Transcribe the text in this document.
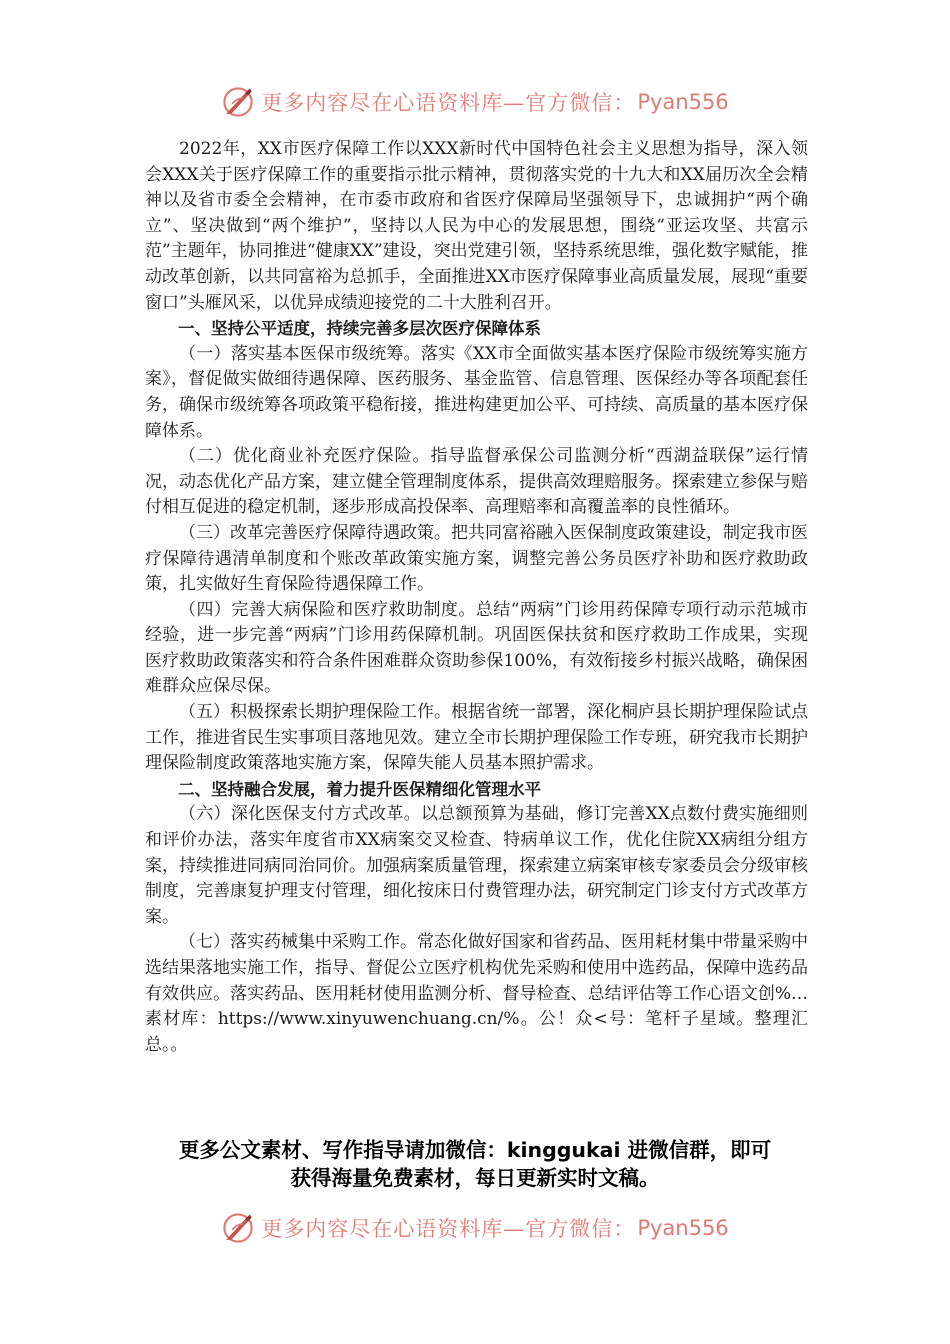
更多内容尽在心语资料库—官方微信： Pyan556

2022年，XX市医疗保障工作以XXX新时代中国特色社会主义思想为指导，深入领会XXX关于医疗保障工作的重要指示批示精神，贯彻落实党的十九大和XX届历次全会精神以及省市委全会精神，在市委市政府和省医疗保障局坚强领导下，忠诚拥护“两个确立”、坚决做到“两个维护”，坚持以人民为中心的发展思想，围绕“亚运攻坚、共富示范”主题年，协同推进“健康XX”建设，突出党建引领，坚持系统思维，强化数字赋能，推动改革创新，以共同富裕为总抓手，全面推进XX市医疗保障事业高质量发展，展现“重要窗口”头雁风采，以优异成绩迎接党的二十大胜利召开。

一、坚持公平适度，持续完善多层次医疗保障体系

（一）落实基本医保市级统筹。落实《XX市全面做实基本医疗保险市级统筹实施方案》，督促做实做细待遇保障、医药服务、基金监管、信息管理、医保经办等各项配套任务，确保市级统筹各项政策平稳衔接，推进构建更加公平、可持续、高质量的基本医疗保障体系。

（二）优化商业补充医疗保险。指导监督承保公司监测分析“西湖益联保”运行情况，动态优化产品方案，建立健全管理制度体系，提供高效理赔服务。探索建立参保与赔付相互促进的稳定机制，逐步形成高投保率、高理赔率和高覆盖率的良性循环。

（三）改革完善医疗保障待遇政策。把共同富裕融入医保制度政策建设，制定我市医疗保障待遇清单制度和个账改革政策实施方案，调整完善公务员医疗补助和医疗救助政策，扎实做好生育保险待遇保障工作。

（四）完善大病保险和医疗救助制度。总结“两病”门诊用药保障专项行动示范城市经验，进一步完善“两病”门诊用药保障机制。巩固医保扶贫和医疗救助工作成果，实现医疗救助政策落实和符合条件困难群众资助参保100%，有效衔接乡村振兴战略，确保困难群众应保尽保。

（五）积极探索长期护理保险工作。根据省统一部署，深化桐庐县长期护理保险试点工作，推进省民生实事项目落地见效。建立全市长期护理保险工作专班，研究我市长期护理保险制度政策落地实施方案，保障失能人员基本照护需求。

二、坚持融合发展，着力提升医保精细化管理水平

（六）深化医保支付方式改革。以总额预算为基础，修订完善XX点数付费实施细则和评价办法，落实年度省市XX病案交叉检查、特病单议工作，优化住院XX病组分组方案，持续推进同病同治同价。加强病案质量管理，探索建立病案审核专家委员会分级审核制度，完善康复护理支付管理，细化按床日付费管理办法，研究制定门诊支付方式改革方案。

（七）落实药械集中采购工作。常态化做好国家和省药品、医用耗材集中带量采购中选结果落地实施工作，指导、督促公立医疗机构优先采购和使用中选药品，保障中选药品有效供应。落实药品、医用耗材使用监测分析、督导检查、总结评估等工作心语文创%…素材库：https://www.xinyuwenchuang.cn/%。公！众<号：笔杆子星域。整理汇总。。

更多公文素材、写作指导请加微信：kinggukai 进微信群，即可
获得海量免费素材，每日更新实时文稿。
更多内容尽在心语资料库—官方微信： Pyan556
